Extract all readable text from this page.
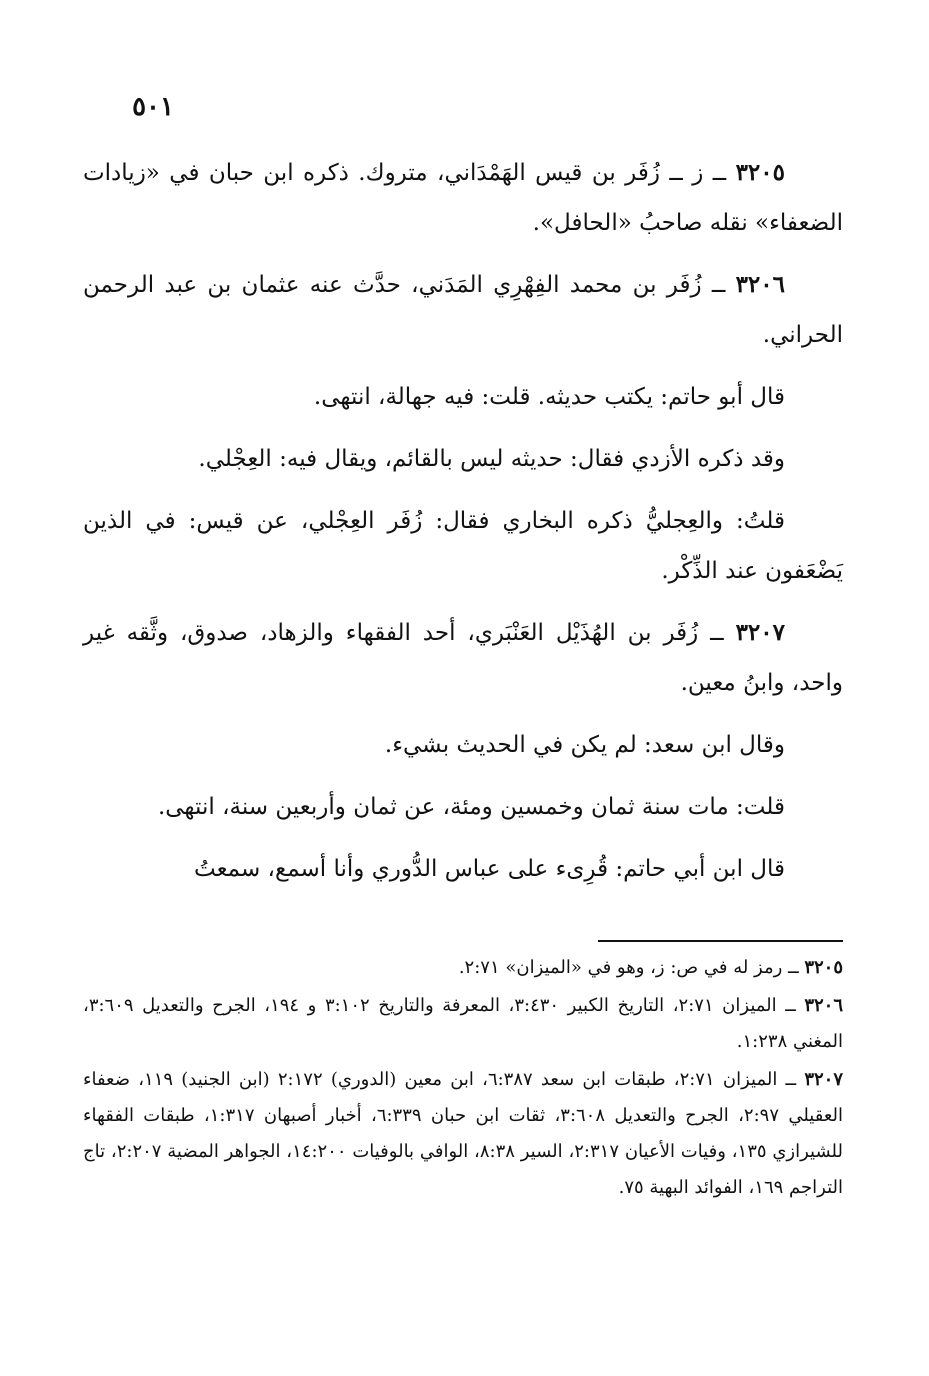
٥٠١

٣٢٠٥ ــ ز ــ زُفَر بن قيس الهَمْدَاني، متروك. ذكره ابن حبان في «زيادات الضعفاء» نقله صاحبُ «الحافل».

٣٢٠٦ ــ زُفَر بن محمد الفِهْرِي المَدَني، حدَّث عنه عثمان بن عبد الرحمن الحراني.

قال أبو حاتم: يكتب حديثه. قلت: فيه جهالة، انتهى.

وقد ذكره الأزدي فقال: حديثه ليس بالقائم، ويقال فيه: العِجْلي.

قلتُ: والعِجليُّ ذكره البخاري فقال: زُفَر العِجْلي، عن قيس: في الذين يَضْعَفون عند الذِّكْر.

٣٢٠٧ ــ زُفَر بن الهُذَيْل العَنْبَري، أحد الفقهاء والزهاد، صدوق، وثَّقه غير واحد، وابنُ معين.

وقال ابن سعد: لم يكن في الحديث بشيء.

قلت: مات سنة ثمان وخمسين ومئة، عن ثمان وأربعين سنة، انتهى.

قال ابن أبي حاتم: قُرِىء على عباس الدُّوري وأنا أسمع، سمعتُ

٣٢٠٥ ــ رمز له في ص: ز، وهو في «الميزان» ٢:٧١.

٣٢٠٦ ــ الميزان ٢:٧١، التاريخ الكبير ٣:٤٣٠، المعرفة والتاريخ ٣:١٠٢ و ١٩٤، الجرح والتعديل ٣:٦٠٩، المغني ١:٢٣٨.

٣٢٠٧ ــ الميزان ٢:٧١، طبقات ابن سعد ٦:٣٨٧، ابن معين (الدوري) ٢:١٧٢ (ابن الجنيد) ١١٩، ضعفاء العقيلي ٢:٩٧، الجرح والتعديل ٣:٦٠٨، ثقات ابن حبان ٦:٣٣٩، أخبار أصبهان ١:٣١٧، طبقات الفقهاء للشيرازي ١٣٥، وفيات الأعيان ٢:٣١٧، السير ٨:٣٨، الوافي بالوفيات ١٤:٢٠٠، الجواهر المضية ٢:٢٠٧، تاج التراجم ١٦٩، الفوائد البهية ٧٥.
